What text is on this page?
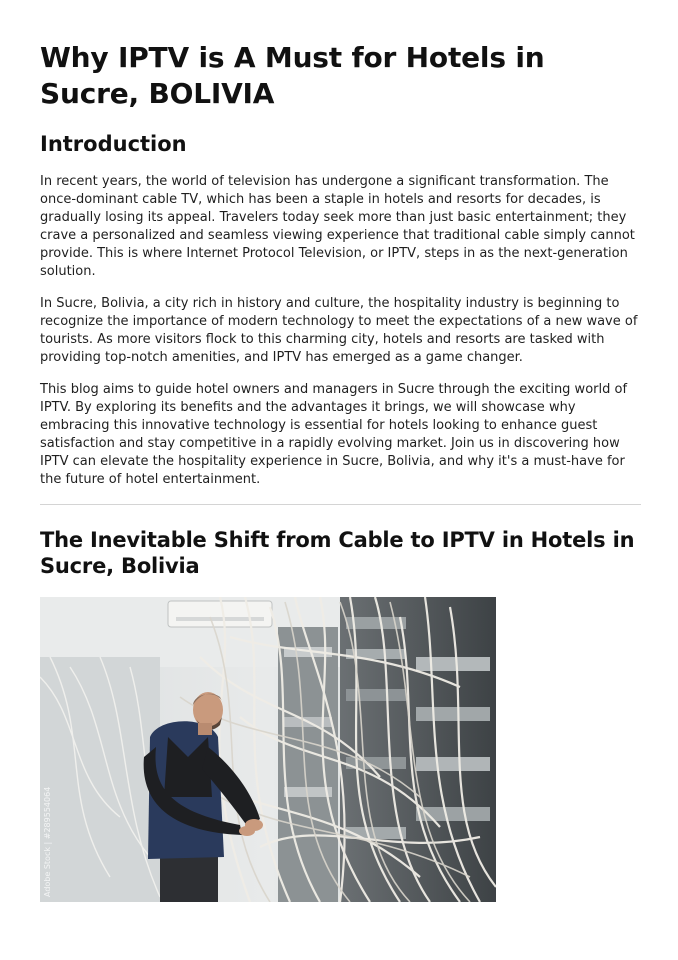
Why IPTV is A Must for Hotels in Sucre, BOLIVIA
Introduction

In recent years, the world of television has undergone a significant transformation. The once-dominant cable TV, which has been a staple in hotels and resorts for decades, is gradually losing its appeal. Travelers today seek more than just basic entertainment; they crave a personalized and seamless viewing experience that traditional cable simply cannot provide. This is where Internet Protocol Television, or IPTV, steps in as the next-generation solution.

In Sucre, Bolivia, a city rich in history and culture, the hospitality industry is beginning to recognize the importance of modern technology to meet the expectations of a new wave of tourists. As more visitors flock to this charming city, hotels and resorts are tasked with providing top-notch amenities, and IPTV has emerged as a game changer.

This blog aims to guide hotel owners and managers in Sucre through the exciting world of IPTV. By exploring its benefits and the advantages it brings, we will showcase why embracing this innovative technology is essential for hotels looking to enhance guest satisfaction and stay competitive in a rapidly evolving market. Join us in discovering how IPTV can elevate the hospitality experience in Sucre, Bolivia, and why it's a must-have for the future of hotel entertainment.

The Inevitable Shift from Cable to IPTV in Hotels in Sucre, Bolivia
Adobe Stock | #289554064
